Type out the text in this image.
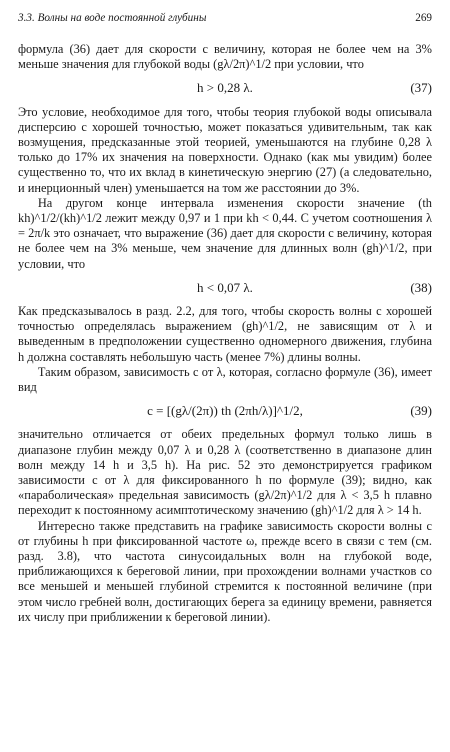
3.3. Волны на воде постоянной глубины	269

формула (36) дает для скорости c величину, которая не более чем на 3% меньше значения для глубокой воды (gλ/2π)^1/2 при условии, что

h > 0,28 λ.	(37)

Это условие, необходимое для того, чтобы теория глубокой воды описывала дисперсию с хорошей точностью, может показаться удивительным, так как возмущения, предсказанные этой теорией, уменьшаются на глубине 0,28 λ только до 17% их значения на поверхности. Однако (как мы увидим) более существенно то, что их вклад в кинетическую энергию (27) (а следовательно, и инерционный член) уменьшается на том же расстоянии до 3%.

На другом конце интервала изменения скорости значение (th kh)^1/2/(kh)^1/2 лежит между 0,97 и 1 при kh < 0,44. С учетом соотношения λ = 2π/k это означает, что выражение (36) дает для скорости c величину, которая не более чем на 3% меньше, чем значение для длинных волн (gh)^1/2, при условии, что

h < 0,07 λ.	(38)

Как предсказывалось в разд. 2.2, для того, чтобы скорость волны с хорошей точностью определялась выражением (gh)^1/2, не зависящим от λ и выведенным в предположении существенно одномерного движения, глубина h должна составлять небольшую часть (менее 7%) длины волны.

Таким образом, зависимость c от λ, которая, согласно формуле (36), имеет вид

c = [(gλ/(2π)) th (2πh/λ)]^1/2,	(39)

значительно отличается от обеих предельных формул только лишь в диапазоне глубин между 0,07 λ и 0,28 λ (соответственно в диапазоне длин волн между 14 h и 3,5 h). На рис. 52 это демонстрируется графиком зависимости c от λ для фиксированного h по формуле (39); видно, как «параболическая» предельная зависимость (gλ/2π)^1/2 для λ < 3,5 h плавно переходит к постоянному асимптотическому значению (gh)^1/2 для λ > 14 h.

Интересно также представить на графике зависимость скорости волны c от глубины h при фиксированной частоте ω, прежде всего в связи с тем (см. разд. 3.8), что частота синусоидальных волн на глубокой воде, приближающихся к береговой линии, при прохождении волнами участков со все меньшей и меньшей глубиной стремится к постоянной величине (при этом число гребней волн, достигающих берега за единицу времени, равняется их числу при приближении к береговой линии).
